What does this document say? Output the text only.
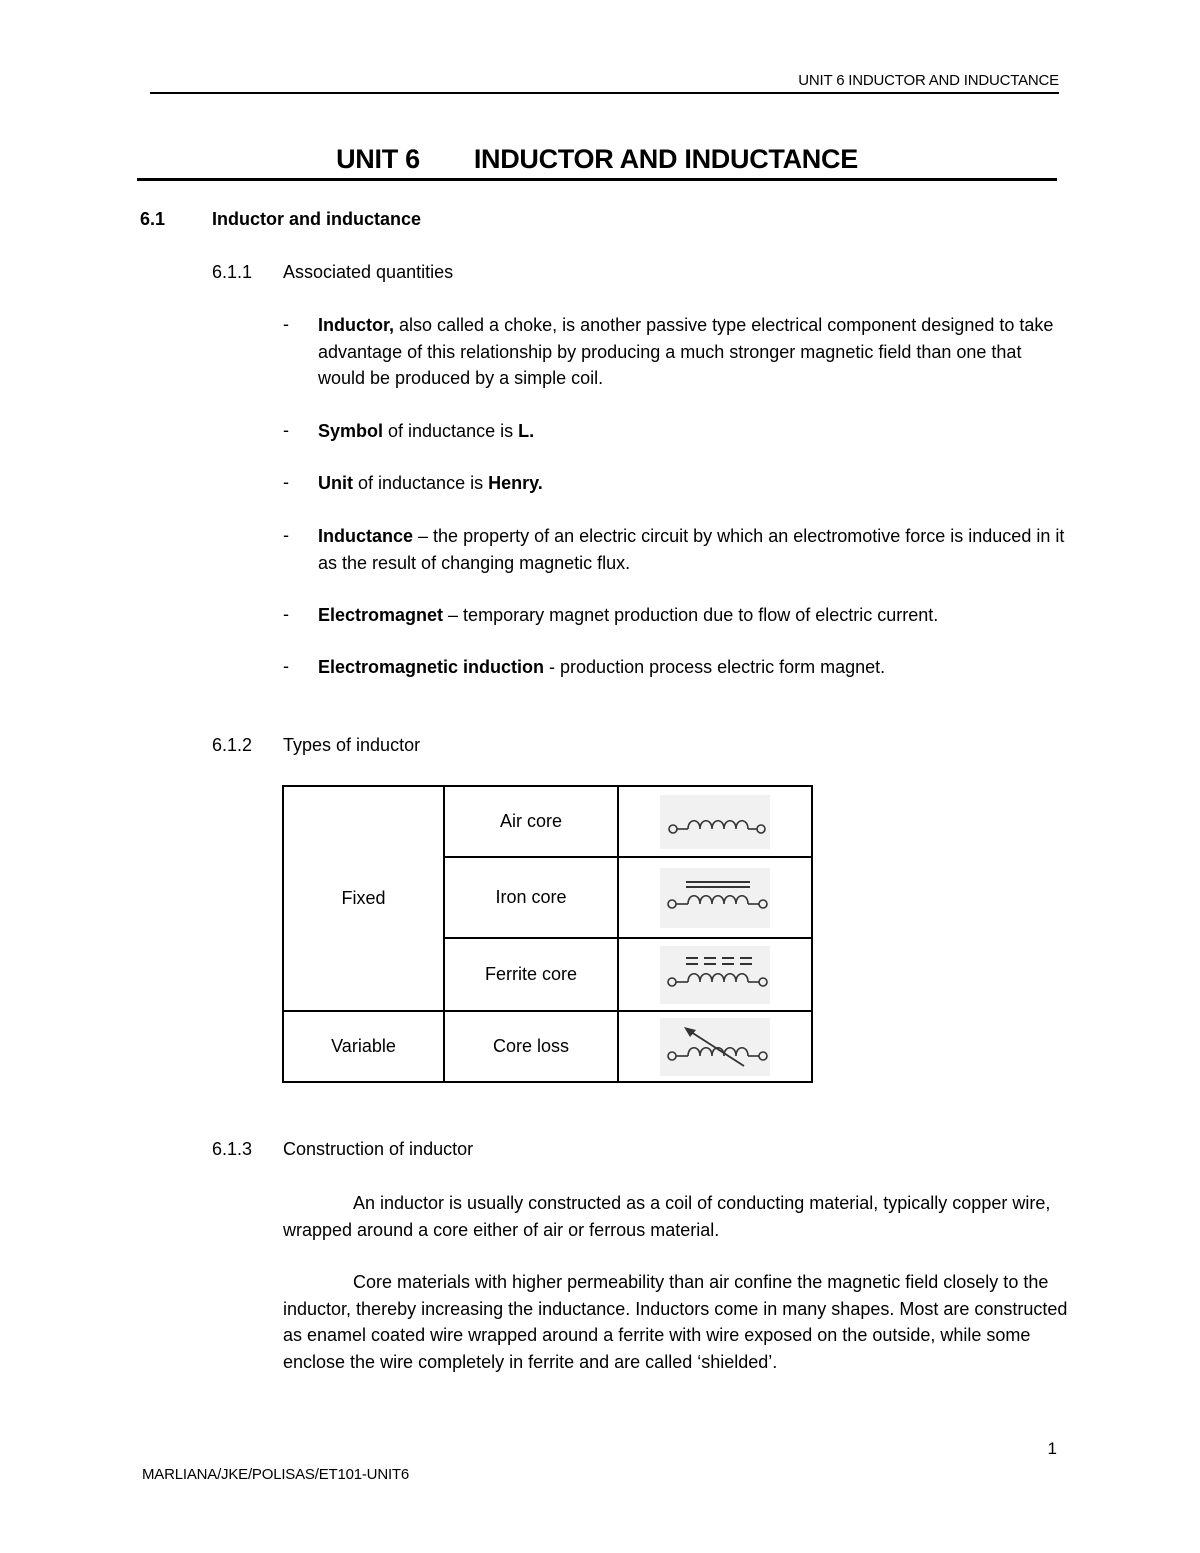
UNIT 6 INDUCTOR AND INDUCTANCE
UNIT 6 INDUCTOR AND INDUCTANCE
6.1	Inductor and inductance
6.1.1 Associated quantities
- Inductor, also called a choke, is another passive type electrical component designed to take advantage of this relationship by producing a much stronger magnetic field than one that would be produced by a simple coil.
- Symbol of inductance is L.
- Unit of inductance is Henry.
- Inductance – the property of an electric circuit by which an electromotive force is induced in it as the result of changing magnetic flux.
- Electromagnet – temporary magnet production due to flow of electric current.
- Electromagnetic induction - production process electric form magnet.
6.1.2 Types of inductor
Fixed	Air core	
	Iron core	
	Ferrite core	
Variable	Core loss	
6.1.3 Construction of inductor
An inductor is usually constructed as a coil of conducting material, typically copper wire, wrapped around a core either of air or ferrous material.
Core materials with higher permeability than air confine the magnetic field closely to the inductor, thereby increasing the inductance. Inductors come in many shapes. Most are constructed as enamel coated wire wrapped around a ferrite with wire exposed on the outside, while some enclose the wire completely in ferrite and are called ‘shielded’.
1
MARLIANA/JKE/POLISAS/ET101-UNIT6
